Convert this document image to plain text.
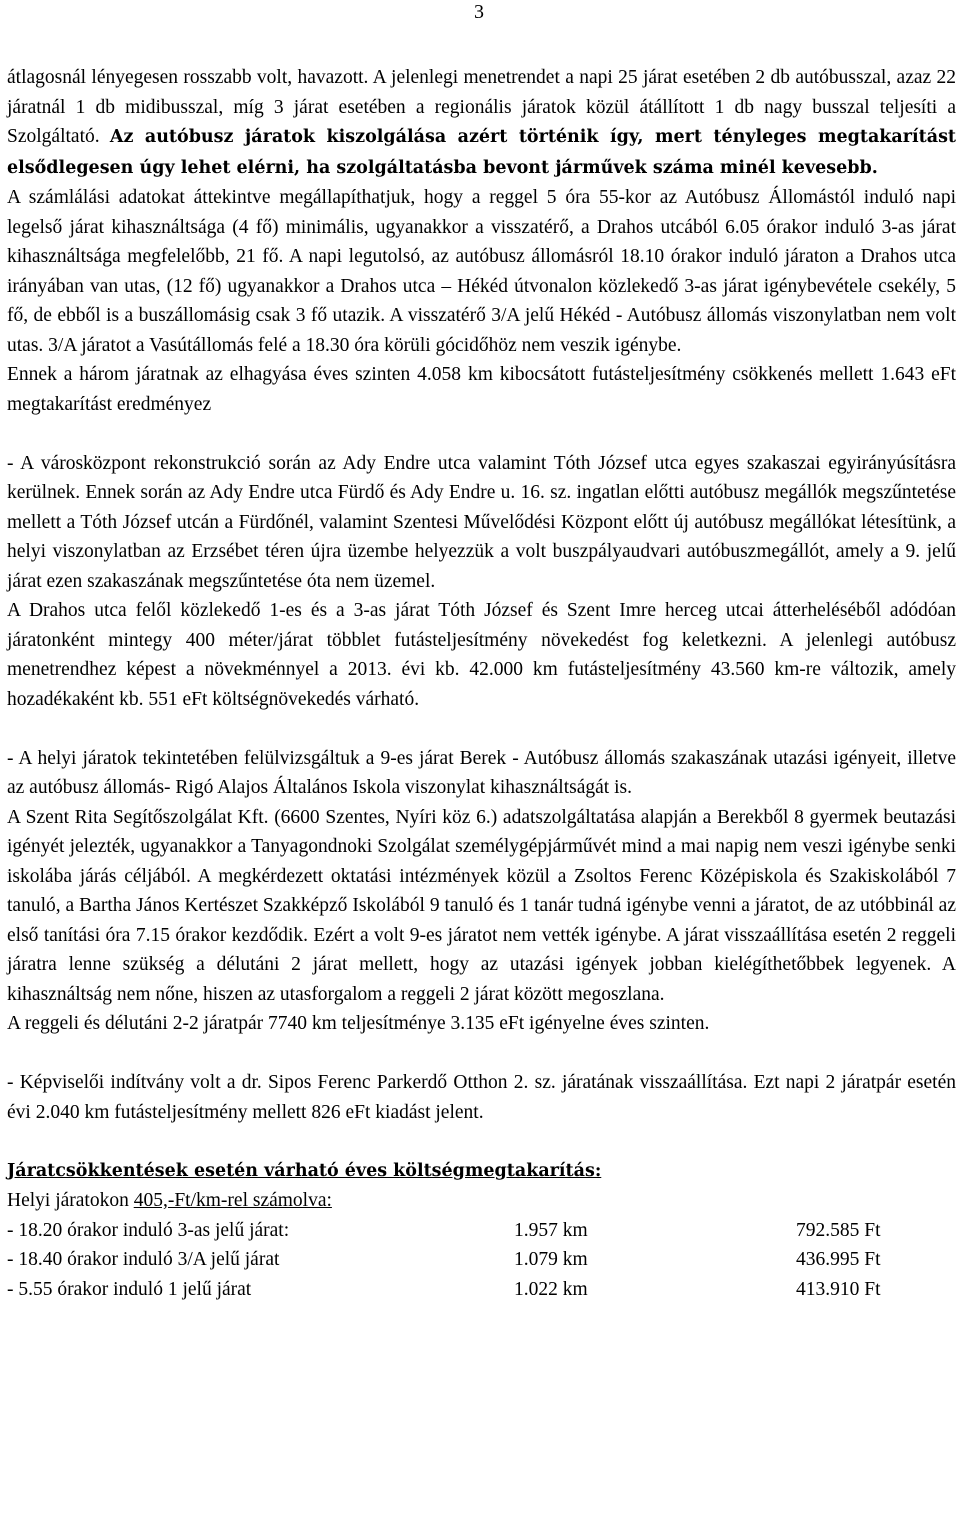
3

átlagosnál lényegesen rosszabb volt, havazott. A jelenlegi menetrendet a napi 25 járat esetében 2 db autóbusszal, azaz 22 járatnál 1 db midibusszal, míg 3 járat esetében a regionális járatok közül átállított 1 db nagy busszal teljesíti a Szolgáltató. Az autóbusz járatok kiszolgálása azért történik így, mert tényleges megtakarítást elsődlegesen úgy lehet elérni, ha szolgáltatásba bevont járművek száma minél kevesebb.

A számlálási adatokat áttekintve megállapíthatjuk, hogy a reggel 5 óra 55-kor az Autóbusz Állomástól induló napi legelső járat kihasználtsága (4 fő) minimális, ugyanakkor a visszatérő, a Drahos utcából 6.05 órakor induló 3-as járat kihasználtsága megfelelőbb, 21 fő. A napi legutolsó, az autóbusz állomásról 18.10 órakor induló járaton a Drahos utca irányában van utas, (12 fő) ugyanakkor a Drahos utca – Hékéd útvonalon közlekedő 3-as járat igénybevétele csekély, 5 fő, de ebből is a buszállomásig csak 3 fő utazik. A visszatérő 3/A jelű Hékéd - Autóbusz állomás viszonylatban nem volt utas. 3/A járatot a Vasútállomás felé a 18.30 óra körüli gócidőhöz nem veszik igénybe.

Ennek a három járatnak az elhagyása éves szinten 4.058 km kibocsátott futásteljesítmény csökkenés mellett 1.643 eFt megtakarítást eredményez

- A városközpont rekonstrukció során az Ady Endre utca valamint Tóth József utca egyes szakaszai egyirányúsításra kerülnek. Ennek során az Ady Endre utca Fürdő és Ady Endre u. 16. sz. ingatlan előtti autóbusz megállók megszűntetése mellett a Tóth József utcán a Fürdőnél, valamint Szentesi Művelődési Központ előtt új autóbusz megállókat létesítünk, a helyi viszonylatban az Erzsébet téren újra üzembe helyezzük a volt buszpályaudvari autóbuszmegállót, amely a 9. jelű járat ezen szakaszának megszűntetése óta nem üzemel.

A Drahos utca felől közlekedő 1-es és a 3-as járat Tóth József és Szent Imre herceg utcai átterheléséből adódóan járatonként mintegy 400 méter/járat többlet futásteljesítmény növekedést fog keletkezni. A jelenlegi autóbusz menetrendhez képest a növekménnyel a 2013. évi kb. 42.000 km futásteljesítmény 43.560 km-re változik, amely hozadékaként kb. 551 eFt költségnövekedés várható.

- A helyi járatok tekintetében felülvizsgáltuk a 9-es járat Berek - Autóbusz állomás szakaszának utazási igényeit, illetve az autóbusz állomás- Rigó Alajos Általános Iskola viszonylat kihasználtságát is.

A Szent Rita Segítőszolgálat Kft. (6600 Szentes, Nyíri köz 6.) adatszolgáltatása alapján a Berekből 8 gyermek beutazási igényét jelezték, ugyanakkor a Tanyagondnoki Szolgálat személygépjárművét mind a mai napig nem veszi igénybe senki iskolába járás céljából. A megkérdezett oktatási intézmények közül a Zsoltos Ferenc Középiskola és Szakiskolából 7 tanuló, a Bartha János Kertészet Szakképző Iskolából 9 tanuló és 1 tanár tudná igénybe venni a járatot, de az utóbbinál az első tanítási óra 7.15 órakor kezdődik. Ezért a volt 9-es járatot nem vették igénybe. A járat visszaállítása esetén 2 reggeli járatra lenne szükség a délutáni 2 járat mellett, hogy az utazási igények jobban kielégíthetőbbek legyenek. A kihasználtság nem nőne, hiszen az utasforgalom a reggeli 2 járat között megoszlana.

A reggeli és délutáni 2-2 járatpár 7740 km teljesítménye 3.135 eFt igényelne éves szinten.

- Képviselői indítvány volt a dr. Sipos Ferenc Parkerdő Otthon 2. sz. járatának visszaállítása. Ezt napi 2 járatpár esetén évi 2.040 km futásteljesítmény mellett 826 eFt kiadást jelent.

Járatcsökkentések esetén várható éves költségmegtakarítás:

Helyi járatokon 405,-Ft/km-rel számolva:

- 18.20 órakor induló 3-as jelű járat:	1.957 km	792.585 Ft
- 18.40 órakor induló 3/A jelű járat	1.079 km	436.995 Ft
- 5.55 órakor induló 1 jelű járat	1.022 km	413.910 Ft
